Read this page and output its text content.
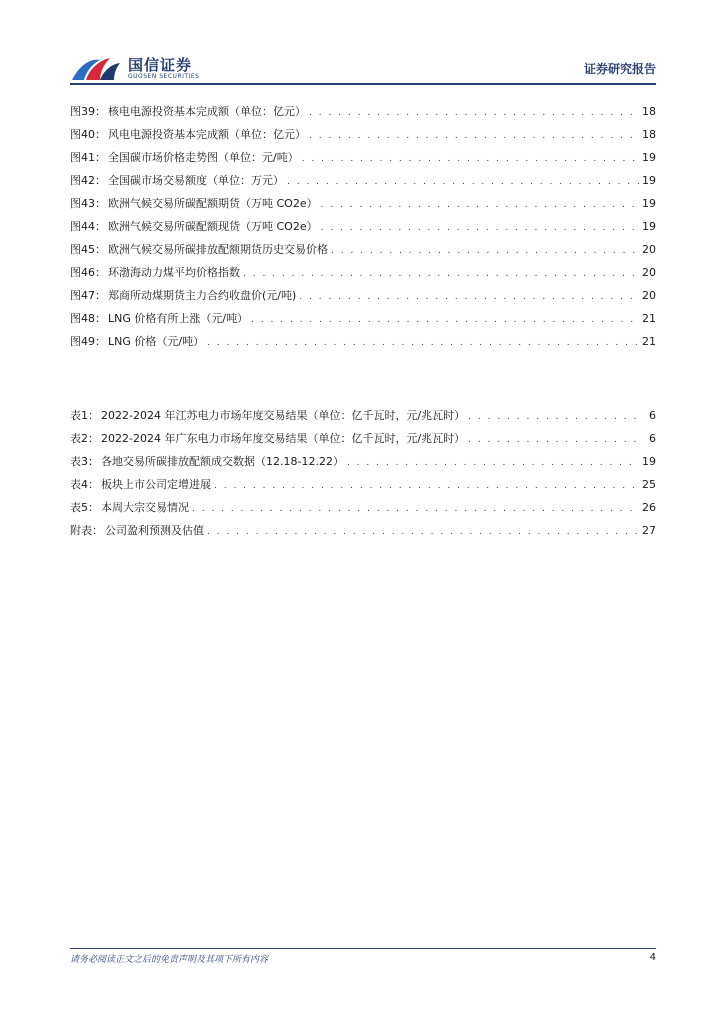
国信证券
GUOSEN SECURITIES
证券研究报告
图39： 核电电源投资基本完成额（单位：亿元） . . .	18
图40： 风电电源投资基本完成额（单位：亿元） . . .	18
图41： 全国碳市场价格走势图（单位：元/吨） . . .	19
图42： 全国碳市场交易额度（单位：万元） . . .	19
图43： 欧洲气候交易所碳配额期货（万吨 CO2e） . . .	19
图44： 欧洲气候交易所碳配额现货（万吨 CO2e） . . .	19
图45： 欧洲气候交易所碳排放配额期货历史交易价格 . . .	20
图46： 环渤海动力煤平均价格指数 . . .	20
图47： 郑商所动煤期货主力合约收盘价(元/吨) . . .	20
图48： LNG 价格有所上涨（元/吨） . . .	21
图49： LNG 价格（元/吨） . . .	21
表1： 2022-2024 年江苏电力市场年度交易结果（单位：亿千瓦时，元/兆瓦时） . . .	6
表2： 2022-2024 年广东电力市场年度交易结果（单位：亿千瓦时，元/兆瓦时） . . .	6
表3： 各地交易所碳排放配额成交数据（12.18-12.22） . . .	19
表4： 板块上市公司定增进展 . . .	25
表5： 本周大宗交易情况 . . .	26
附表： 公司盈利预测及估值 . . .	27
请务必阅读正文之后的免责声明及其项下所有内容	4
